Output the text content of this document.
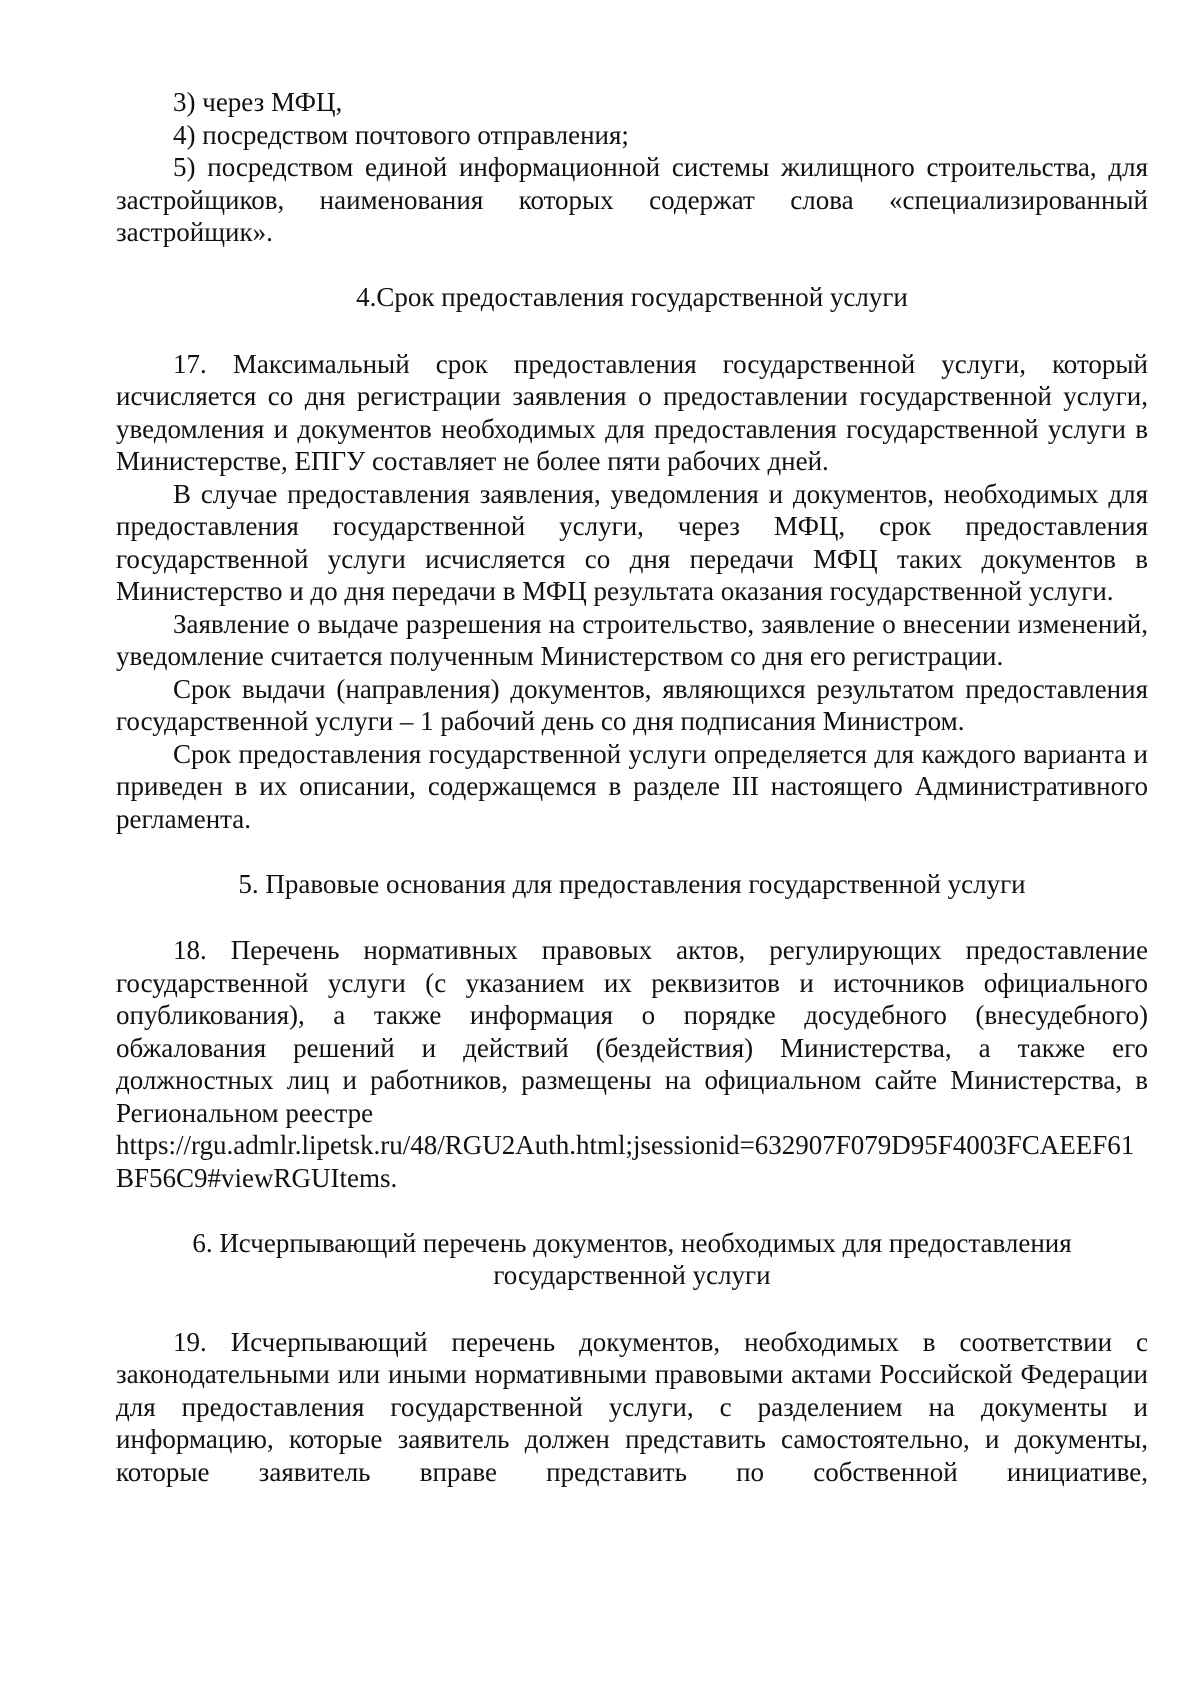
3) через МФЦ,

4) посредством почтового отправления;

5) посредством единой информационной системы жилищного строительства, для застройщиков, наименования которых содержат слова «специализированный застройщик».

4.Срок предоставления государственной услуги

17. Максимальный срок предоставления государственной услуги, который исчисляется со дня регистрации заявления о предоставлении государственной услуги, уведомления и документов необходимых для предоставления государственной услуги в Министерстве, ЕПГУ составляет не более пяти рабочих дней.

В случае предоставления заявления, уведомления и документов, необходимых для предоставления государственной услуги, через МФЦ, срок предоставления государственной услуги исчисляется со дня передачи МФЦ таких документов в Министерство и до дня передачи в МФЦ результата оказания государственной услуги.

Заявление о выдаче разрешения на строительство, заявление о внесении изменений, уведомление считается полученным Министерством со дня его регистрации.

Срок выдачи (направления) документов, являющихся результатом предоставления государственной услуги – 1 рабочий день со дня подписания Министром.

Срок предоставления государственной услуги определяется для каждого варианта и приведен в их описании, содержащемся в разделе III настоящего Административного регламента.

5. Правовые основания для предоставления государственной услуги

18. Перечень нормативных правовых актов, регулирующих предоставление государственной услуги (с указанием их реквизитов и источников официального опубликования), а также информация о порядке досудебного (внесудебного) обжалования решений и действий (бездействия) Министерства, а также его должностных лиц и работников, размещены на официальном сайте Министерства, в Региональном реестре

https://rgu.admlr.lipetsk.ru/48/RGU2Auth.html;jsessionid=632907F079D95F4003FCAEEF61BF56C9#viewRGUItems.

6. Исчерпывающий перечень документов, необходимых для предоставления
государственной услуги

19. Исчерпывающий перечень документов, необходимых в соответствии с законодательными или иными нормативными правовыми актами Российской Федерации для предоставления государственной услуги, с разделением на документы и информацию, которые заявитель должен представить самостоятельно, и документы, которые заявитель вправе представить по собственной инициативе,
